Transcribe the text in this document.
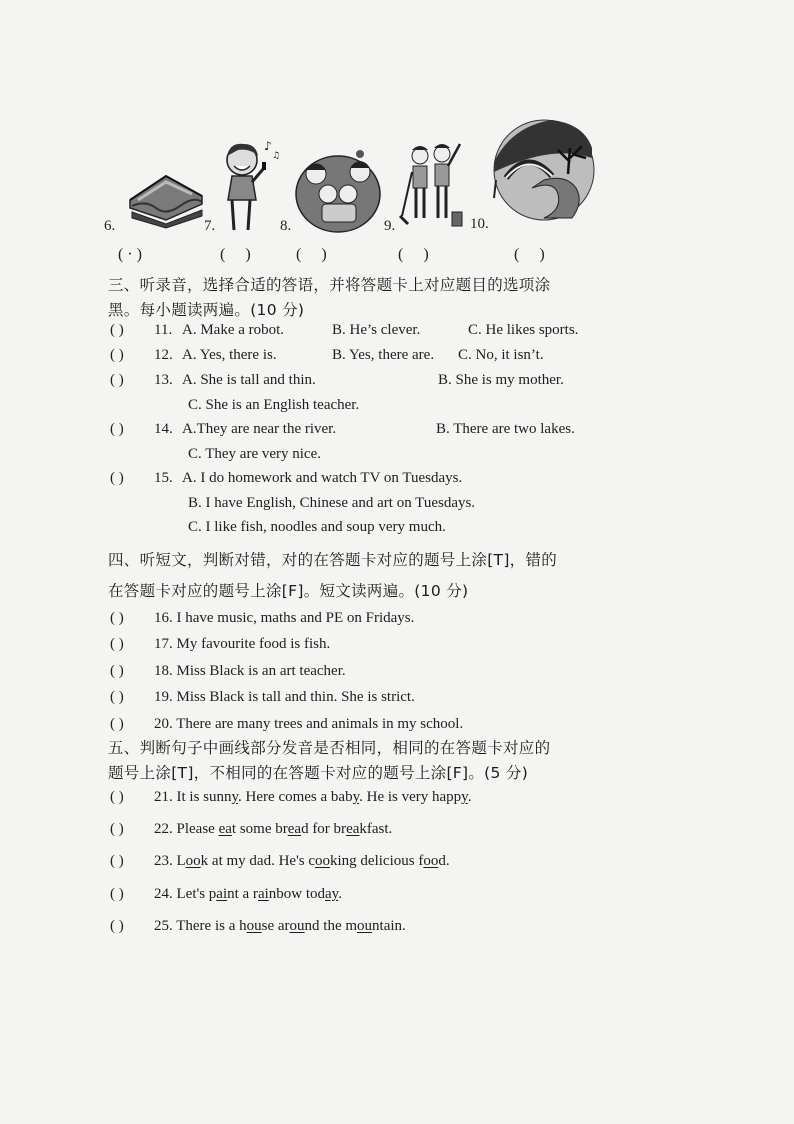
6.	7.
♪
♫
8.	9.	10.
( · )	(     )	(     )	(     )	(     )
三、听录音，选择合适的答语，并将答题卡上对应题目的选项涂
黑。每小题读两遍。(10 分)
( ) 11. A. Make a robot.	B. He’s clever.	C. He likes sports.
( ) 12. A. Yes, there is.	B. Yes, there are. C. No, it isn’t.
( ) 13. A. She is tall and thin.	B. She is my mother.
C. She is an English teacher.
( ) 14. A.They are near the river.	B. There are two lakes.
C. They are very nice.
( ) 15. A. I do homework and watch TV on Tuesdays.
B. I have English, Chinese and art on Tuesdays.
C. I like fish, noodles and soup very much.
四、听短文，判断对错，对的在答题卡对应的题号上涂[T]，错的
在答题卡对应的题号上涂[F]。短文读两遍。(10 分)
( ) 16. I have music, maths and PE on Fridays.
( ) 17. My favourite food is fish.
( ) 18. Miss Black is an art teacher.
( ) 19. Miss Black is tall and thin. She is strict.
( ) 20. There are many trees and animals in my school.
五、判断句子中画线部分发音是否相同，相同的在答题卡对应的
题号上涂[T]，不相同的在答题卡对应的题号上涂[F]。(5 分)
( ) 21. It is sunny. Here comes a baby. He is very happy.
( ) 22. Please eat some bread for breakfast.
( ) 23. Look at my dad. He's cooking delicious food.
( ) 24. Let's paint a rainbow today.
( ) 25. There is a house around the mountain.
